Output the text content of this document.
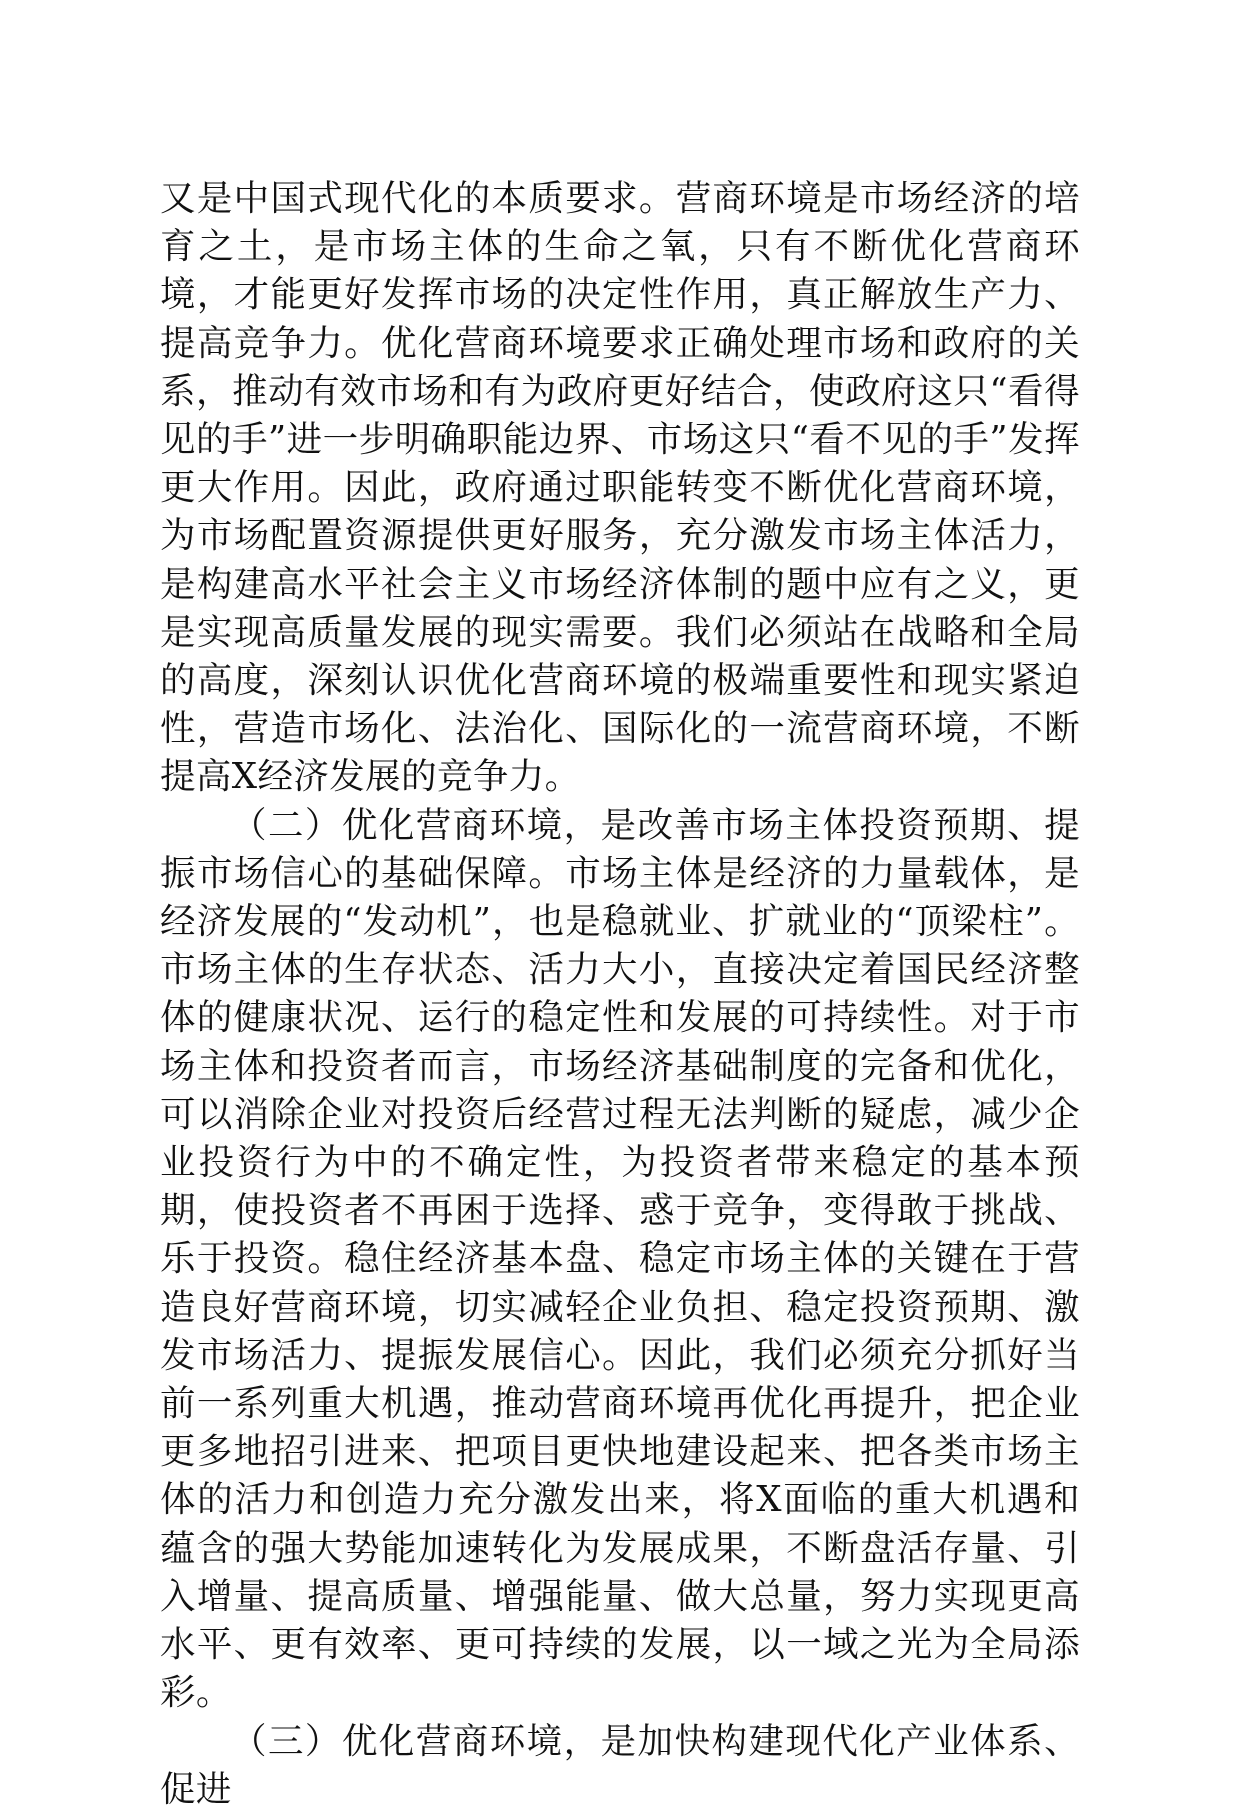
又是中国式现代化的本质要求。营商环境是市场经济的培育之土，是市场主体的生命之氧，只有不断优化营商环境，才能更好发挥市场的决定性作用，真正解放生产力、提高竞争力。优化营商环境要求正确处理市场和政府的关系，推动有效市场和有为政府更好结合，使政府这只“看得见的手”进一步明确职能边界、市场这只“看不见的手”发挥更大作用。因此，政府通过职能转变不断优化营商环境，为市场配置资源提供更好服务，充分激发市场主体活力，是构建高水平社会主义市场经济体制的题中应有之义，更是实现高质量发展的现实需要。我们必须站在战略和全局的高度，深刻认识优化营商环境的极端重要性和现实紧迫性，营造市场化、法治化、国际化的一流营商环境，不断提高X经济发展的竞争力。

（二）优化营商环境，是改善市场主体投资预期、提振市场信心的基础保障。市场主体是经济的力量载体，是经济发展的“发动机”，也是稳就业、扩就业的“顶梁柱”。市场主体的生存状态、活力大小，直接决定着国民经济整体的健康状况、运行的稳定性和发展的可持续性。对于市场主体和投资者而言，市场经济基础制度的完备和优化，可以消除企业对投资后经营过程无法判断的疑虑，减少企业投资行为中的不确定性，为投资者带来稳定的基本预期，使投资者不再困于选择、惑于竞争，变得敢于挑战、乐于投资。稳住经济基本盘、稳定市场主体的关键在于营造良好营商环境，切实减轻企业负担、稳定投资预期、激发市场活力、提振发展信心。因此，我们必须充分抓好当前一系列重大机遇，推动营商环境再优化再提升，把企业更多地招引进来、把项目更快地建设起来、把各类市场主体的活力和创造力充分激发出来，将X面临的重大机遇和蕴含的强大势能加速转化为发展成果，不断盘活存量、引入增量、提高质量、增强能量、做大总量，努力实现更高水平、更有效率、更可持续的发展，以一域之光为全局添彩。

（三）优化营商环境，是加快构建现代化产业体系、促进
